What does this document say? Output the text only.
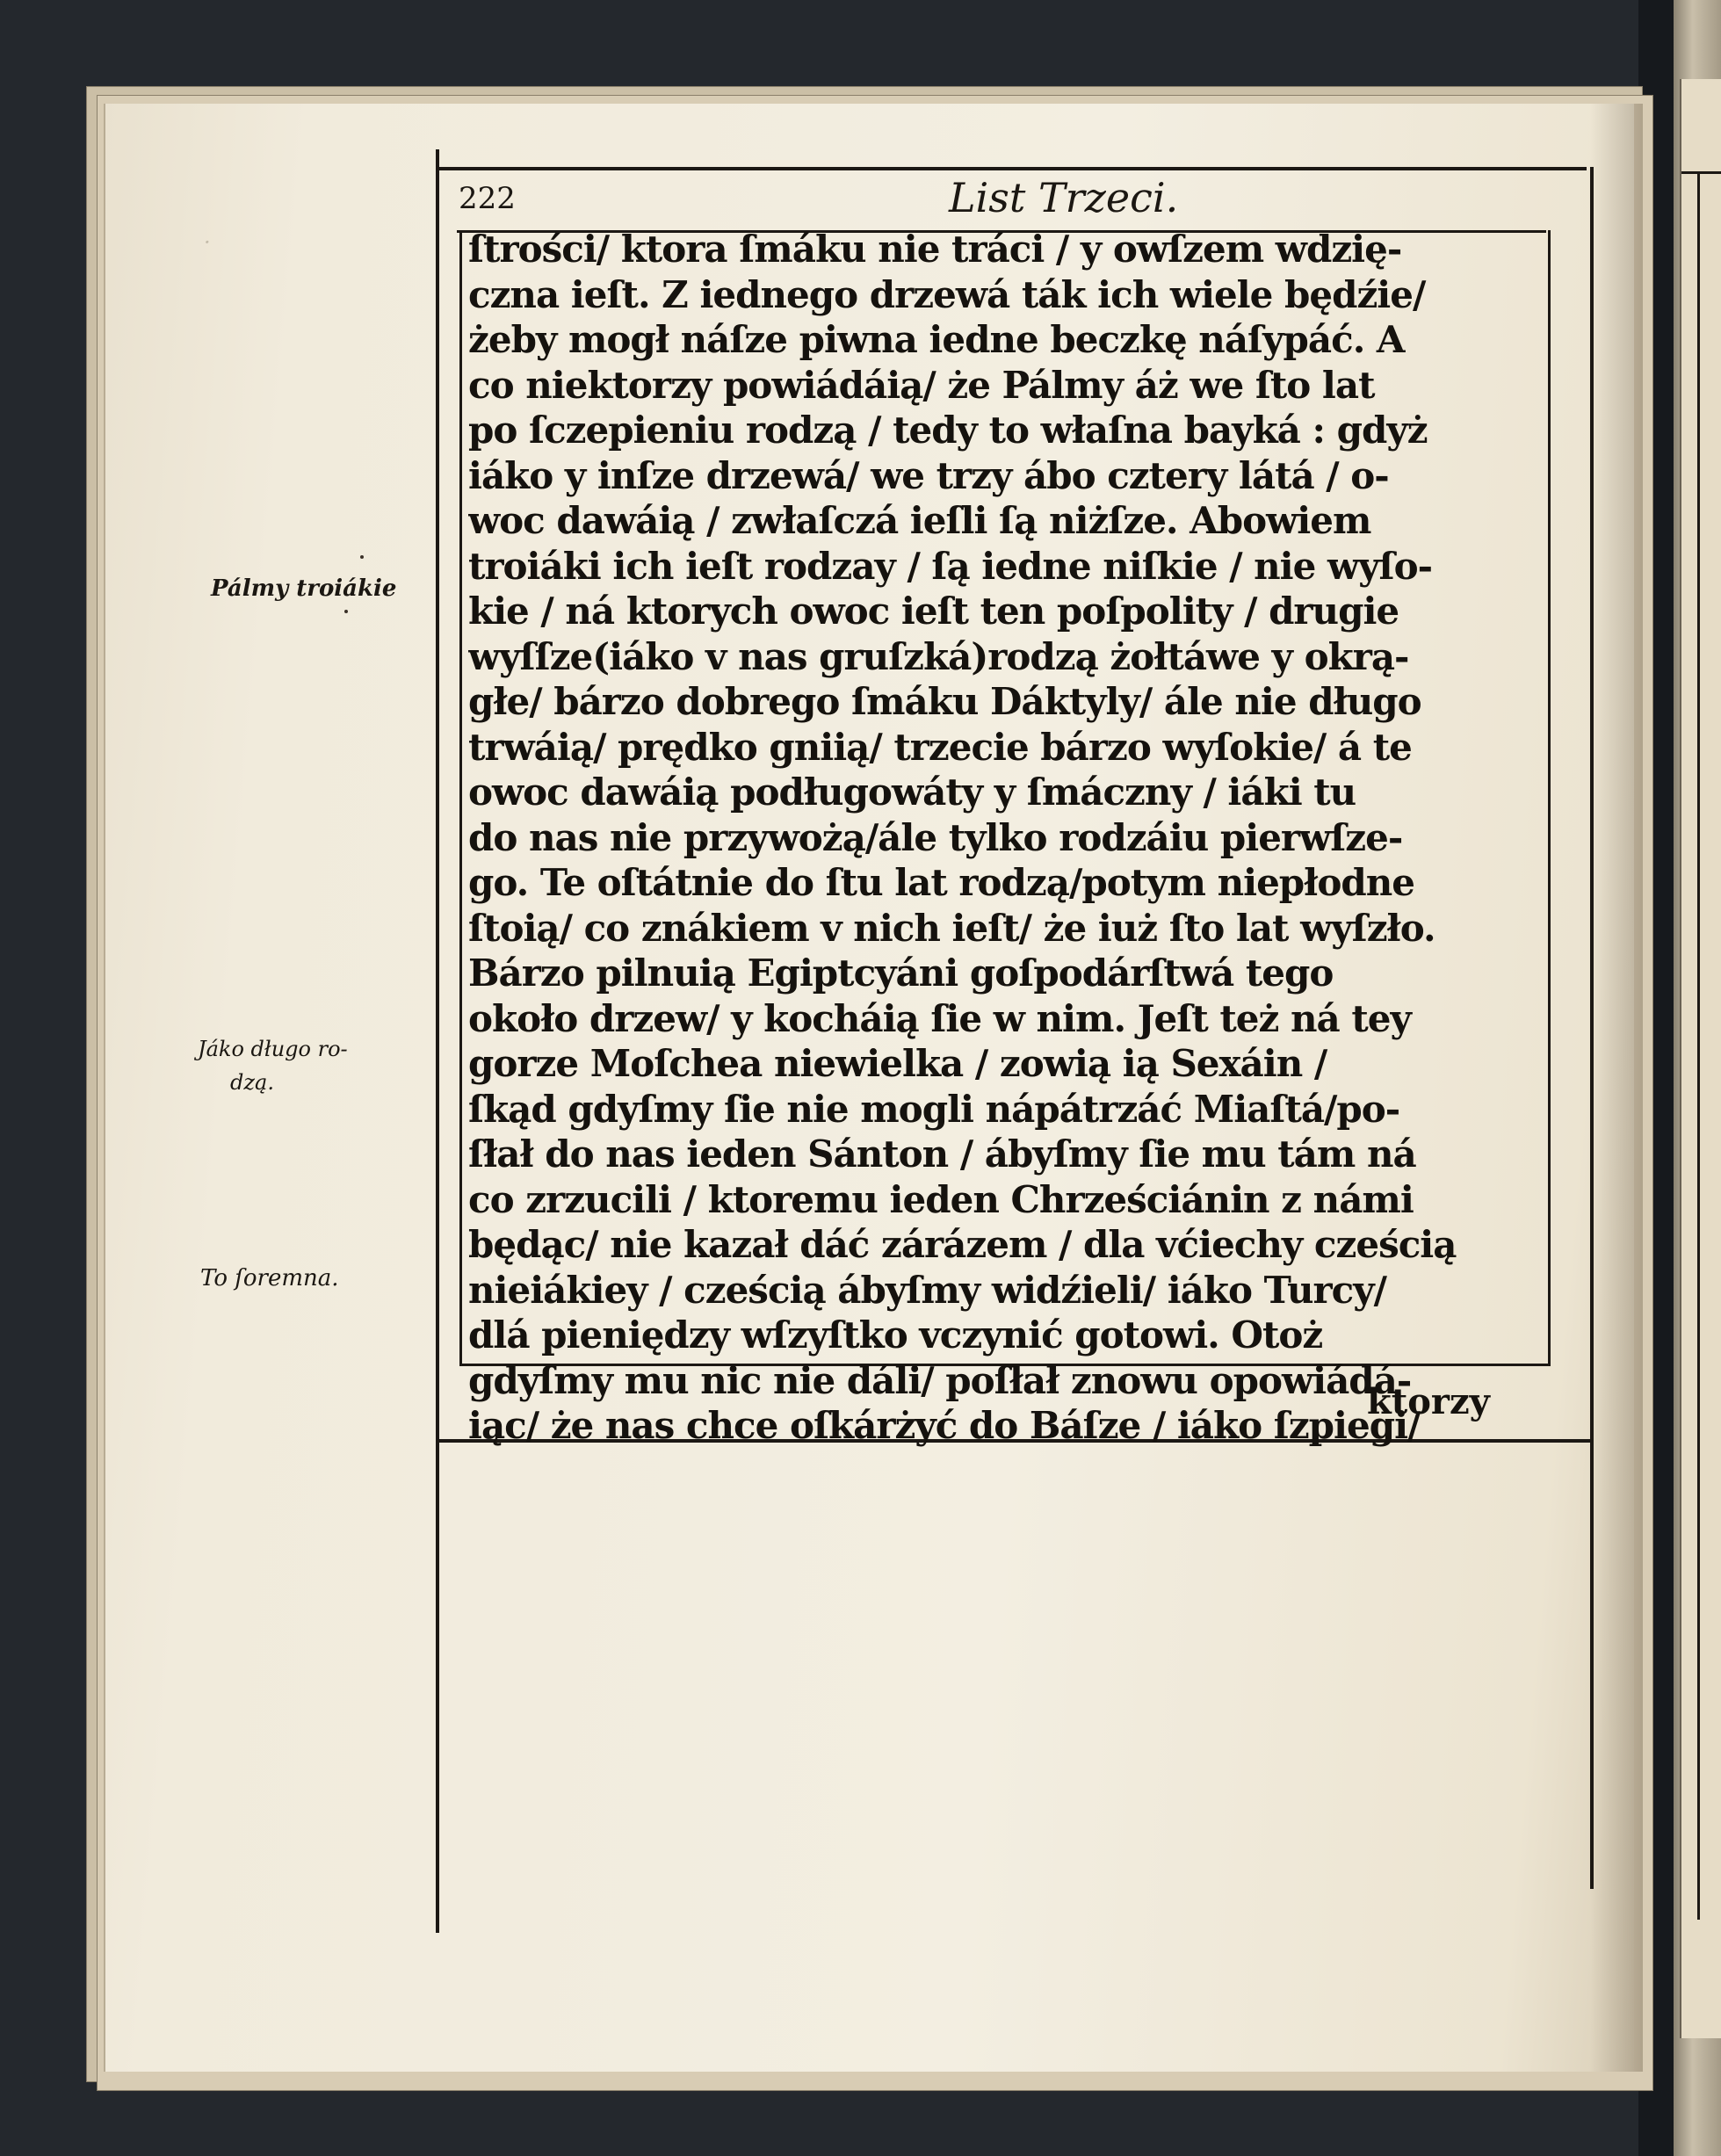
·
222	List Trzeci.
ſtrości/ ktora ſmáku nie tráci / y owſzem wdzię-
czna ieſt. Z iednego drzewá ták ich wiele będźie/
żeby mogł náſze piwna iedne beczkę náſypáć. A
co niektorzy powiádáią/ że Pálmy áż we ſto lat
po ſczepieniu rodzą / tedy to właſna bayká : gdyż
iáko y inſze drzewá/ we trzy ábo cztery látá / o-
woc dawáią / zwłaſczá ieſli ſą niżſze. Abowiem
troiáki ich ieſt rodzay / ſą iedne niſkie / nie wyſo-
kie / ná ktorych owoc ieſt ten poſpolity / drugie
wyſſze(iáko v nas gruſzká)rodzą żołtáwe y okrą-
głe/ bárzo dobrego ſmáku Dáktyly/ ále nie długo
trwáią/ prędko gniią/ trzecie bárzo wyſokie/ á te
owoc dawáią podługowáty y ſmáczny / iáki tu
do nas nie przywożą/ále tylko rodzáiu pierwſze-
go. Te oſtátnie do ſtu lat rodzą/potym niepłodne
ſtoią/ co znákiem v nich ieſt/ że iuż ſto lat wyſzło.
Bárzo pilnuią Egiptcyáni goſpodárſtwá tego
około drzew/ y kocháią ſie w nim. Jeſt też ná tey
gorze Moſchea niewielka / zowią ią Sexáin /
ſkąd gdyſmy ſie nie mogli nápátrzáć Miaſtá/po-
ſłał do nas ieden Sánton / ábyſmy ſie mu tám ná
co zrzucili / ktoremu ieden Chrześciánin z námi
będąc/ nie kazał dáć zárázem / dla vćiechy cześcią
nieiákiey / cześcią ábyſmy widźieli/ iáko Turcy/
dlá pieniędzy wſzyſtko vczynić gotowi. Otoż
gdyſmy mu nic nie dáli/ poſłał znowu opowiádá-
iąc/ że nas chce oſkárżyć do Báſze / iáko ſzpiegi/
ktorzy
Pálmy troiákie
Jáko długo ro-
dzą.
To ſoremna.
